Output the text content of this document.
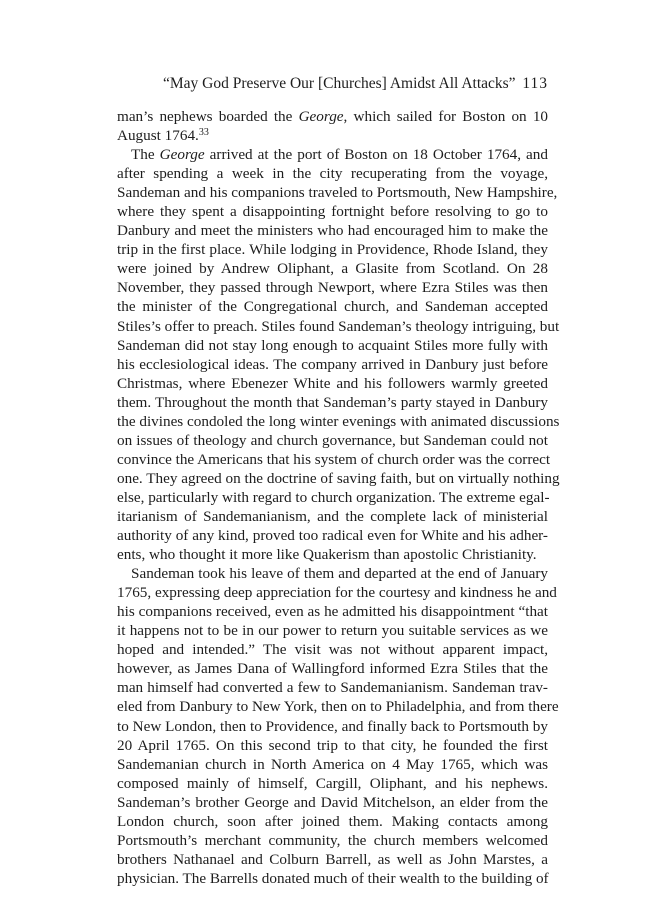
“May God Preserve Our [Churches] Amidst All Attacks” 113
man’s nephews boarded the George, which sailed for Boston on 10
August 1764.33
The George arrived at the port of Boston on 18 October 1764, and
after spending a week in the city recuperating from the voyage,
Sandeman and his companions traveled to Portsmouth, New Hampshire,
where they spent a disappointing fortnight before resolving to go to
Danbury and meet the ministers who had encouraged him to make the
trip in the first place. While lodging in Providence, Rhode Island, they
were joined by Andrew Oliphant, a Glasite from Scotland. On 28
November, they passed through Newport, where Ezra Stiles was then
the minister of the Congregational church, and Sandeman accepted
Stiles’s offer to preach. Stiles found Sandeman’s theology intriguing, but
Sandeman did not stay long enough to acquaint Stiles more fully with
his ecclesiological ideas. The company arrived in Danbury just before
Christmas, where Ebenezer White and his followers warmly greeted
them. Throughout the month that Sandeman’s party stayed in Danbury
the divines condoled the long winter evenings with animated discussions
on issues of theology and church governance, but Sandeman could not
convince the Americans that his system of church order was the correct
one. They agreed on the doctrine of saving faith, but on virtually nothing
else, particularly with regard to church organization. The extreme egal-
itarianism of Sandemanianism, and the complete lack of ministerial
authority of any kind, proved too radical even for White and his adher-
ents, who thought it more like Quakerism than apostolic Christianity.
Sandeman took his leave of them and departed at the end of January
1765, expressing deep appreciation for the courtesy and kindness he and
his companions received, even as he admitted his disappointment “that
it happens not to be in our power to return you suitable services as we
hoped and intended.” The visit was not without apparent impact,
however, as James Dana of Wallingford informed Ezra Stiles that the
man himself had converted a few to Sandemanianism. Sandeman trav-
eled from Danbury to New York, then on to Philadelphia, and from there
to New London, then to Providence, and finally back to Portsmouth by
20 April 1765. On this second trip to that city, he founded the first
Sandemanian church in North America on 4 May 1765, which was
composed mainly of himself, Cargill, Oliphant, and his nephews.
Sandeman’s brother George and David Mitchelson, an elder from the
London church, soon after joined them. Making contacts among
Portsmouth’s merchant community, the church members welcomed
brothers Nathanael and Colburn Barrell, as well as John Marstes, a
physician. The Barrells donated much of their wealth to the building of
